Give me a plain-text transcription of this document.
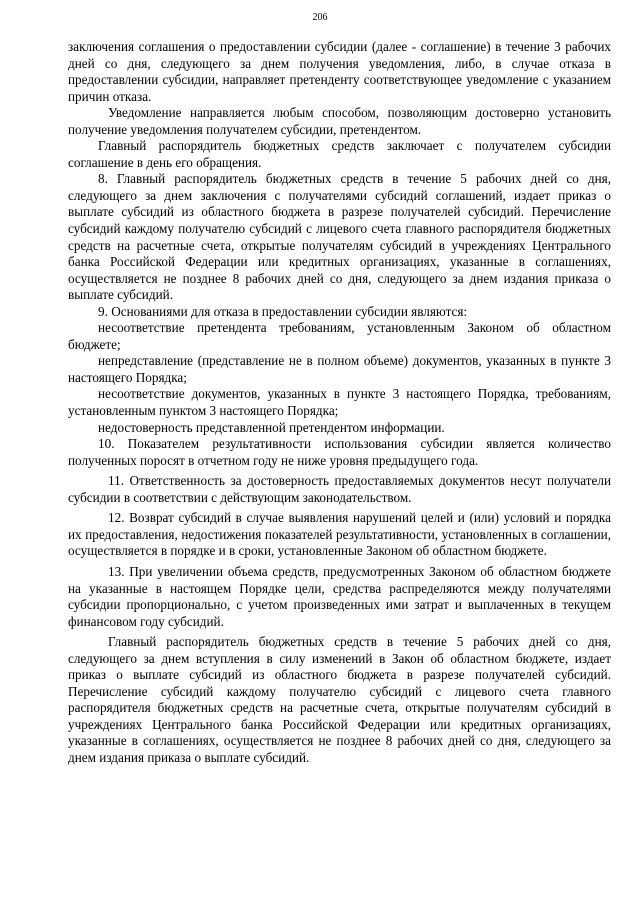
206

заключения соглашения о предоставлении субсидии (далее - соглашение) в течение 3 рабочих дней со дня, следующего за днем получения уведомления, либо, в случае отказа в предоставлении субсидии, направляет претенденту соответствующее уведомление с указанием причин отказа.

Уведомление направляется любым способом, позволяющим достоверно установить получение уведомления получателем субсидии, претендентом.

Главный распорядитель бюджетных средств заключает с получателем субсидии соглашение в день его обращения.

8. Главный распорядитель бюджетных средств в течение 5 рабочих дней со дня, следующего за днем заключения с получателями субсидий соглашений, издает приказ о выплате субсидий из областного бюджета в разрезе получателей субсидий. Перечисление субсидий каждому получателю субсидий с лицевого счета главного распорядителя бюджетных средств на расчетные счета, открытые получателям субсидий в учреждениях Центрального банка Российской Федерации или кредитных организациях, указанные в соглашениях, осуществляется не позднее 8 рабочих дней со дня, следующего за днем издания приказа о выплате субсидий.

9. Основаниями для отказа в предоставлении субсидии являются:

несоответствие претендента требованиям, установленным Законом об областном бюджете;

непредставление (представление не в полном объеме) документов, указанных в пункте 3 настоящего Порядка;

несоответствие документов, указанных в пункте 3 настоящего Порядка, требованиям, установленным пунктом 3 настоящего Порядка;

недостоверность представленной претендентом информации.

10. Показателем результативности использования субсидии является количество полученных поросят в отчетном году не ниже уровня предыдущего года.

11. Ответственность за достоверность предоставляемых документов несут получатели субсидии в соответствии с действующим законодательством.

12. Возврат субсидий в случае выявления нарушений целей и (или) условий и порядка их предоставления, недостижения показателей результативности, установленных в соглашении, осуществляется в порядке и в сроки, установленные Законом об областном бюджете.

13. При увеличении объема средств, предусмотренных Законом об областном бюджете на указанные в настоящем Порядке цели, средства распределяются между получателями субсидии пропорционально, с учетом произведенных ими затрат и выплаченных в текущем финансовом году субсидий.

Главный распорядитель бюджетных средств в течение 5 рабочих дней со дня, следующего за днем вступления в силу изменений в Закон об областном бюджете, издает приказ о выплате субсидий из областного бюджета в разрезе получателей субсидий. Перечисление субсидий каждому получателю субсидий с лицевого счета главного распорядителя бюджетных средств на расчетные счета, открытые получателям субсидий в учреждениях Центрального банка Российской Федерации или кредитных организациях, указанные в соглашениях, осуществляется не позднее 8 рабочих дней со дня, следующего за днем издания приказа о выплате субсидий.
